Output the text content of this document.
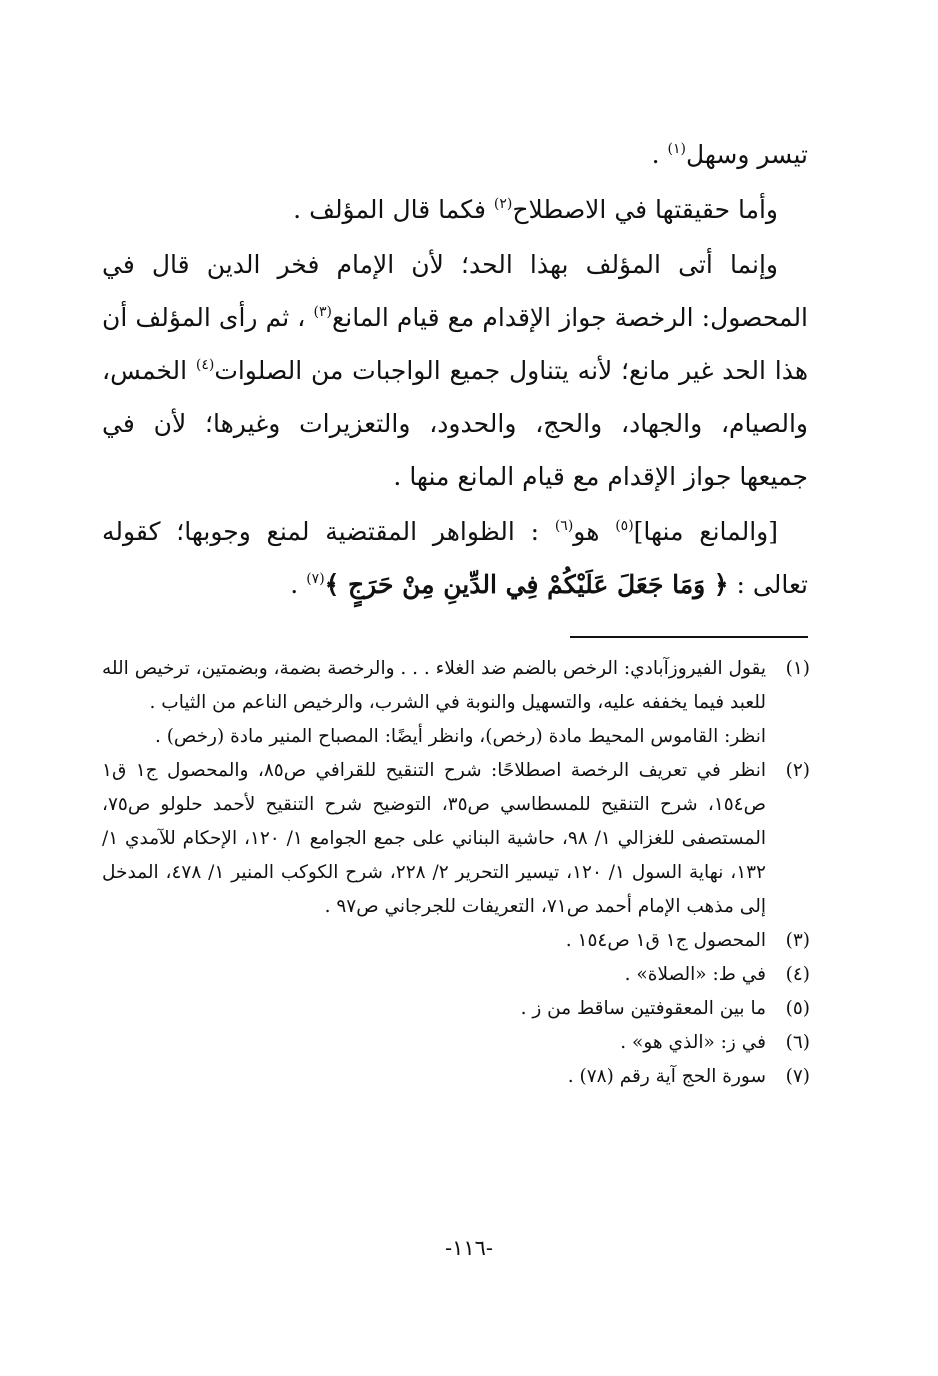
تيسر وسهل$^{(١)}$ .

وأما حقيقتها في الاصطلاح$^{(٢)}$ فكما قال المؤلف .

وإنما أتى المؤلف بهذا الحد؛ لأن الإمام فخر الدين قال في المحصول: الرخصة جواز الإقدام مع قيام المانع$^{(٣)}$ ، ثم رأى المؤلف أن هذا الحد غير مانع؛ لأنه يتناول جميع الواجبات من الصلوات$^{(٤)}$ الخمس، والصيام، والجهاد، والحج، والحدود، والتعزيرات وغيرها؛ لأن في جميعها جواز الإقدام مع قيام المانع منها .

[والمانع منها]$^{(٥)}$ هو$^{(٦)}$ : الظواهر المقتضية لمنع وجوبها؛ كقوله تعالى : ﴿ وَمَا جَعَلَ عَلَيْكُمْ فِي الدِّينِ مِنْ حَرَجٍ ﴾$^{(٧)}$ .

(١)
يقول الفيروزآبادي: الرخص بالضم ضد الغلاء . . . والرخصة بضمة، وبضمتين، ترخيص الله للعبد فيما يخففه عليه، والتسهيل والنوبة في الشرب، والرخيص الناعم من الثياب .
انظر: القاموس المحيط مادة (رخص)، وانظر أيضًا: المصباح المنير مادة (رخص) .
(٢)
انظر في تعريف الرخصة اصطلاحًا: شرح التنقيح للقرافي ص٨٥، والمحصول ج١ ق١ ص١٥٤، شرح التنقيح للمسطاسي ص٣٥، التوضيح شرح التنقيح لأحمد حلولو ص٧٥، المستصفى للغزالي ١/ ٩٨، حاشية البناني على جمع الجوامع ١/ ١٢٠، الإحكام للآمدي ١/ ١٣٢، نهاية السول ١/ ١٢٠، تيسير التحرير ٢/ ٢٢٨، شرح الكوكب المنير ١/ ٤٧٨، المدخل إلى مذهب الإمام أحمد ص٧١، التعريفات للجرجاني ص٩٧ .
(٣)
المحصول ج١ ق١ ص١٥٤ .
(٤)
في ط: «الصلاة» .
(٥)
ما بين المعقوفتين ساقط من ز .
(٦)
في ز: «الذي هو» .
(٧)
سورة الحج آية رقم (٧٨) .
-١١٦-
